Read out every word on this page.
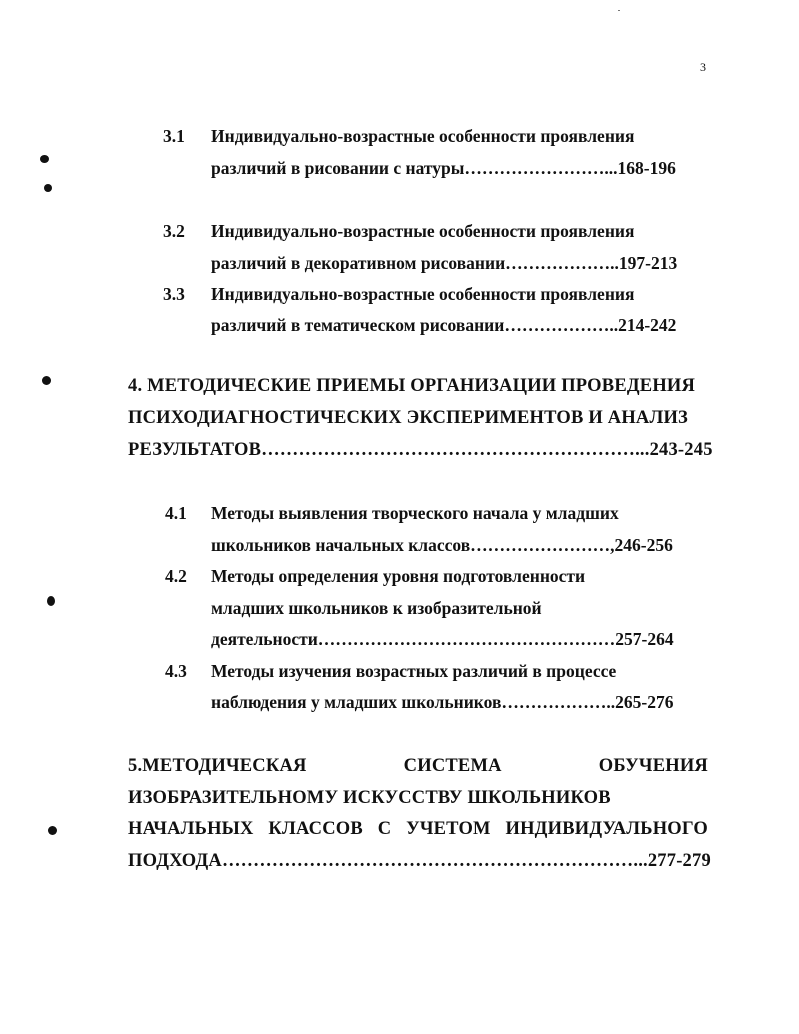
3
3.1 Индивидуально-возрастные особенности проявления
различий в рисовании с натуры……………………...168-196
3.2 Индивидуально-возрастные особенности проявления
различий в декоративном рисовании………………..197-213
3.3 Индивидуально-возрастные особенности проявления
различий в тематическом рисовании………………..214-242
4. МЕТОДИЧЕСКИЕ ПРИЕМЫ ОРГАНИЗАЦИИ ПРОВЕДЕНИЯ
ПСИХОДИАГНОСТИЧЕСКИХ ЭКСПЕРИМЕНТОВ И АНАЛИЗ
РЕЗУЛЬТАТОВ……………………………………………………...243-245
4.1 Методы выявления творческого начала у младших
школьников начальных классов……………………,246-256
4.2 Методы определения уровня подготовленности
младших школьников к изобразительной
деятельности……………………………………………257-264
4.3 Методы изучения возрастных различий в процессе
наблюдения у младших школьников………………..265-276
5.МЕТОДИЧЕСКАЯ	СИСТЕМА	ОБУЧЕНИЯ
ИЗОБРАЗИТЕЛЬНОМУ ИСКУССТВУ ШКОЛЬНИКОВ
НАЧАЛЬНЫХ КЛАССОВ С УЧЕТОМ ИНДИВИДУАЛЬНОГО
ПОДХОДА…………………………………………………………...277-279
